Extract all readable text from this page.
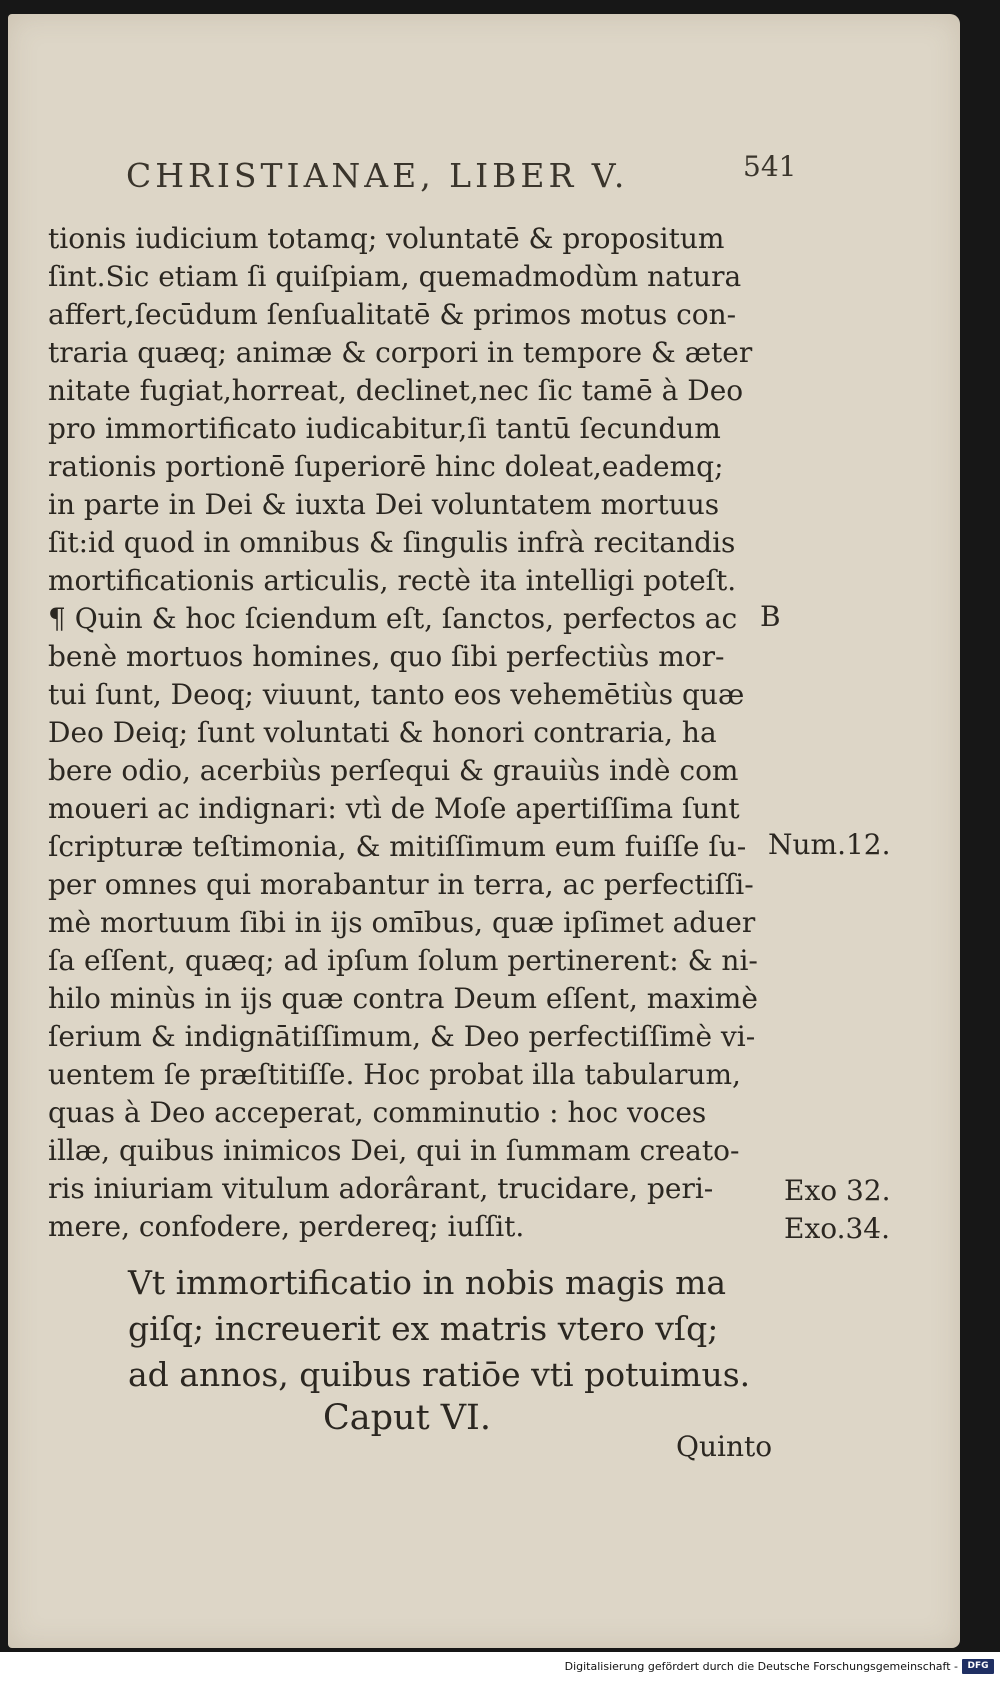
CHRISTIANAE, LIBER V.	541
tionis iudicium totamq; voluntatē & propositum
ſint.Sic etiam ſi quiſpiam, quemadmodùm natura
affert,ſecūdum ſenſualitatē & primos motus con-
traria quæq; animæ & corpori in tempore & æter
nitate fugiat,horreat, declinet,nec ſic tamē à Deo
pro immortificato iudicabitur,ſi tantū ſecundum
rationis portionē ſuperiorē hinc doleat,eademq;
in parte in Dei & iuxta Dei voluntatem mortuus
ſit:id quod in omnibus & ſingulis infrà recitandis
mortificationis articulis, rectè ita intelligi poteſt.
¶ Quin & hoc ſciendum eſt, ſanctos, perfectos ac
benè mortuos homines, quo ſibi perfectiùs mor-
tui ſunt, Deoq; viuunt, tanto eos vehemētiùs quæ
Deo Deiq; ſunt voluntati & honori contraria, ha
bere odio, acerbiùs perſequi & grauiùs indè com
moueri ac indignari: vtì de Moſe apertiſſima ſunt
ſcripturæ teſtimonia, & mitiſſimum eum fuiſſe ſu-
per omnes qui morabantur in terra, ac perfectiſſi-
mè mortuum ſibi in ijs omībus, quæ ipſimet aduer
ſa eſſent, quæq; ad ipſum ſolum pertinerent: & ni-
hilo minùs in ijs quæ contra Deum eſſent, maximè
ſerium & indignātiſſimum, & Deo perfectiſſimè vi-
uentem ſe præſtitiſſe. Hoc probat illa tabularum,
quas à Deo acceperat, comminutio : hoc voces
illæ, quibus inimicos Dei, qui in ſummam creato-
ris iniuriam vitulum adorârant, trucidare, peri-
mere, confodere, perdereq; iuſſit.
B
Num.12.
Exo 32.
Exo.34.
Vt immortificatio in nobis magis ma
giſq; increuerit ex matris vtero vſq;
ad annos, quibus ratiōe vti potuimus.
Caput VI.
Quinto
Digitalisierung gefördert durch die Deutsche Forschungsgemeinschaft -	DFG
